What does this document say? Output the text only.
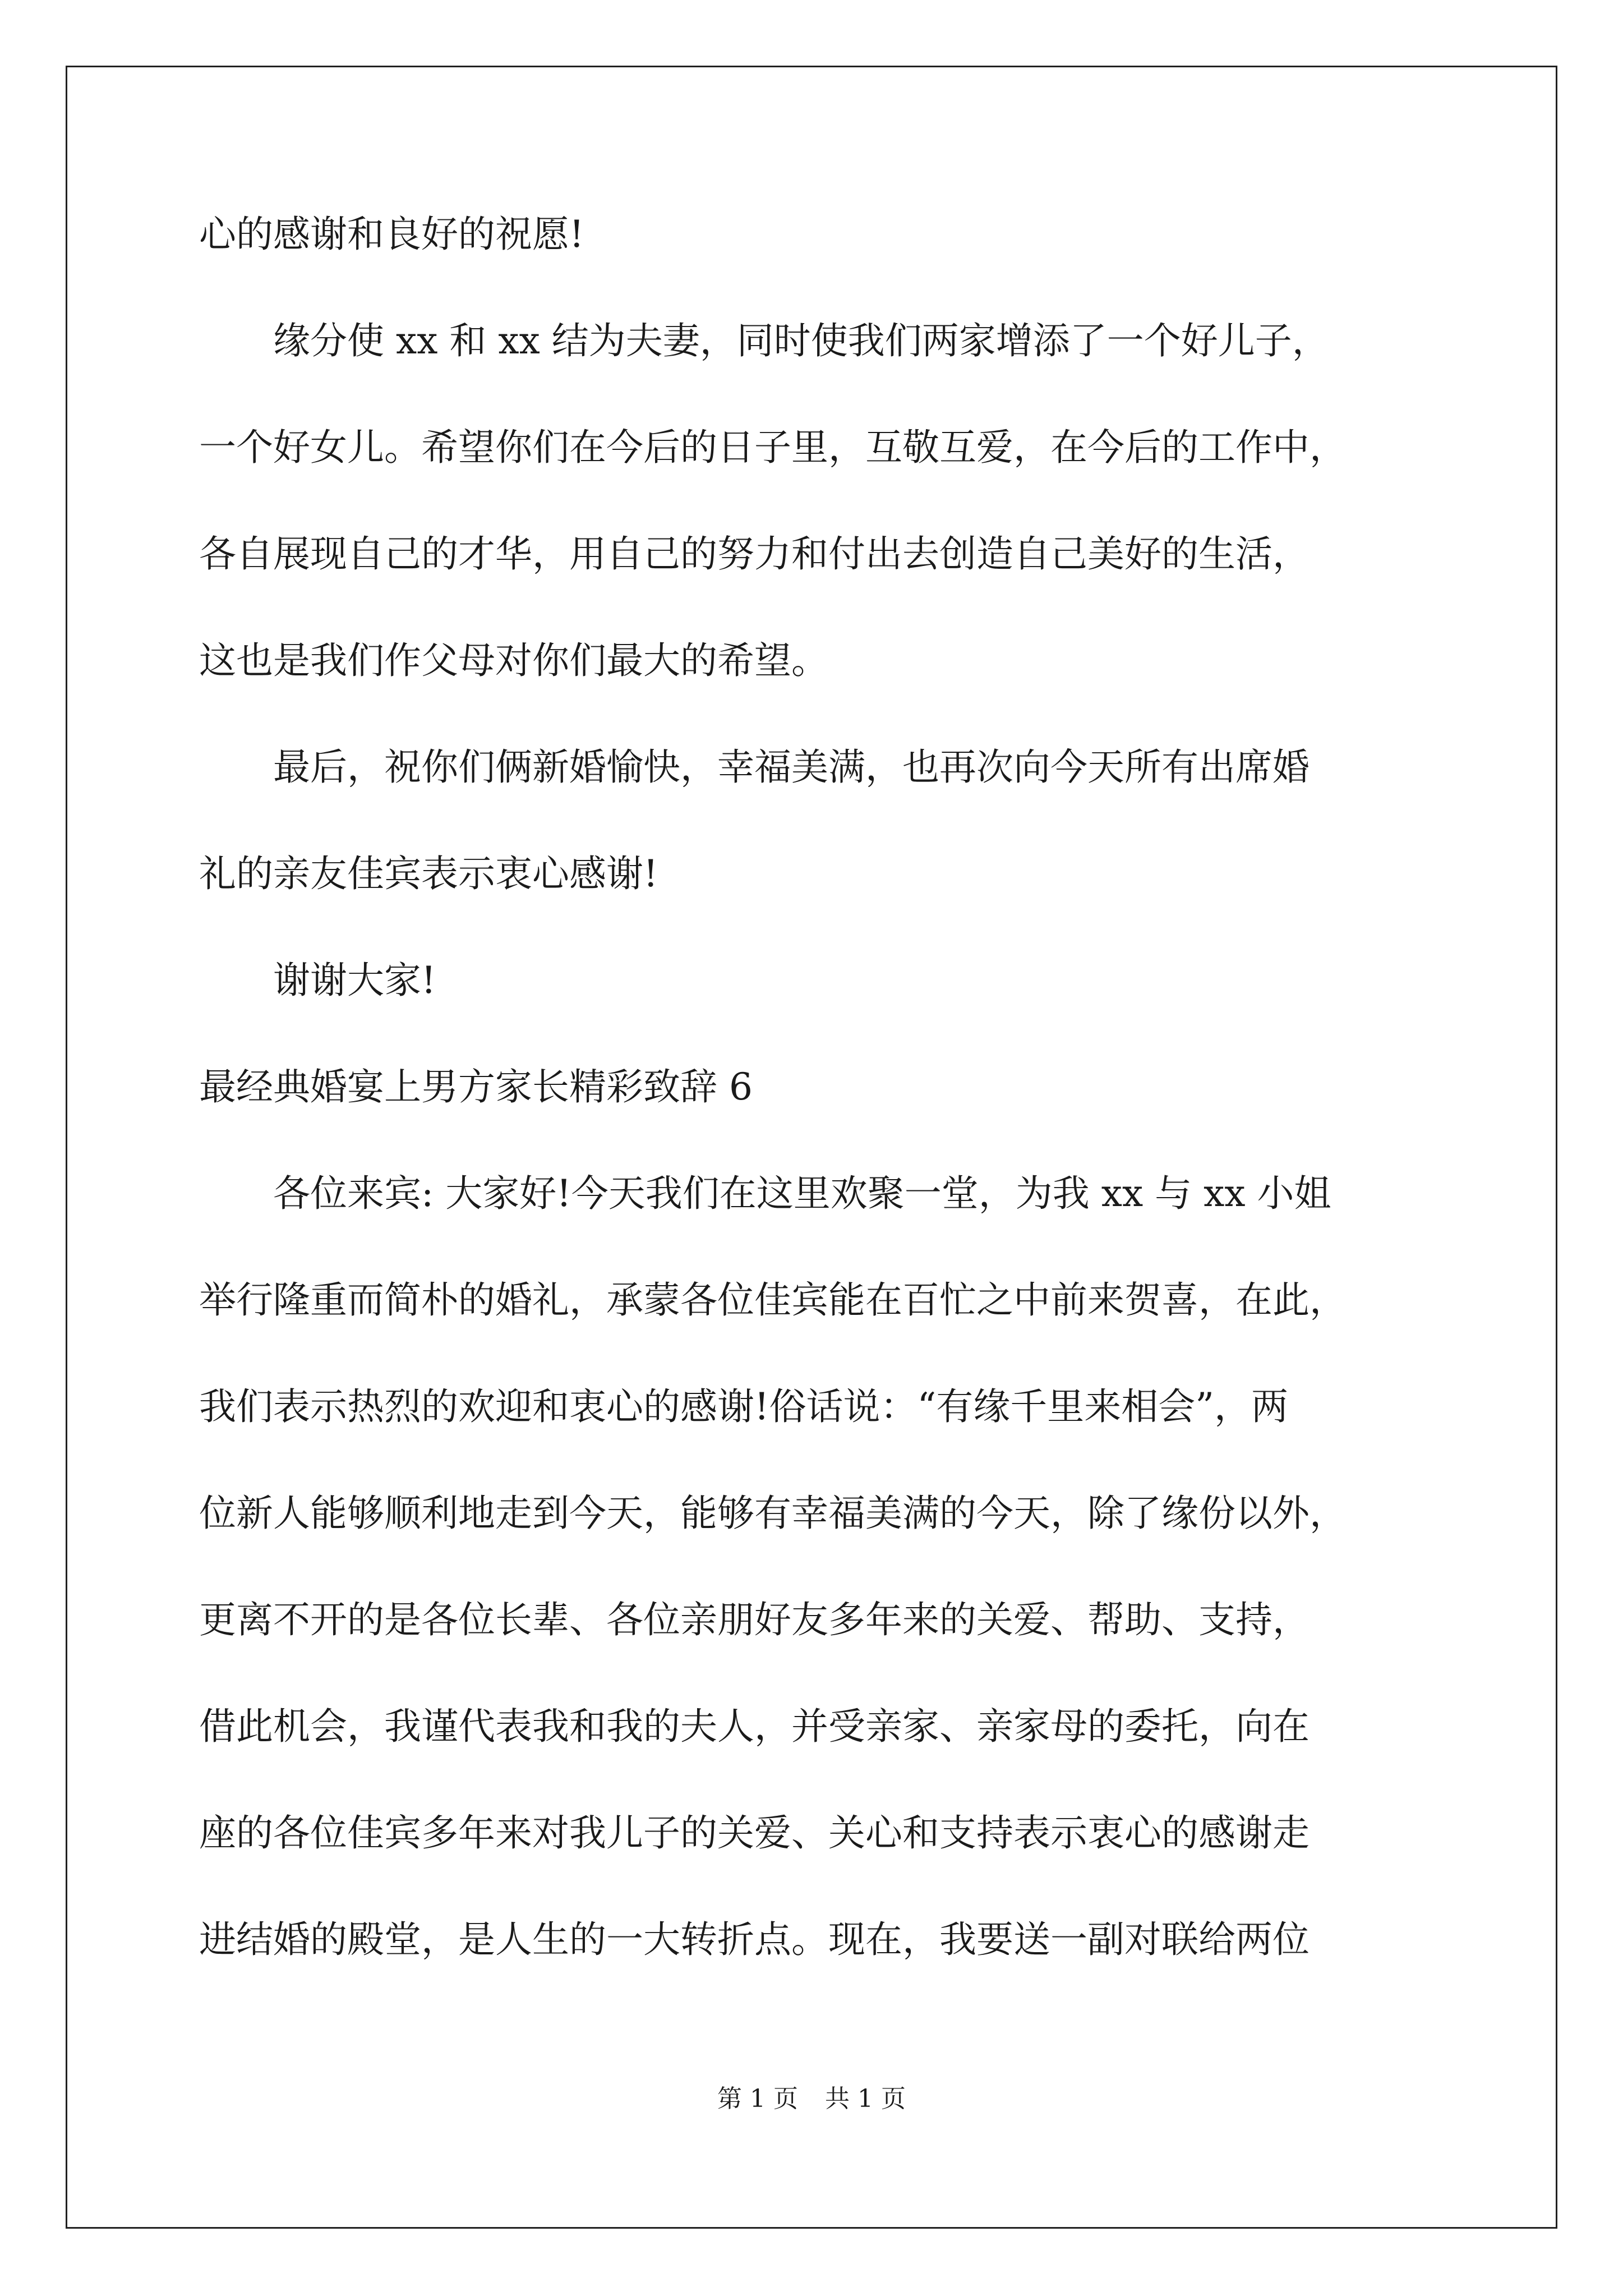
心的感谢和良好的祝愿!
　　缘分使 xx 和 xx 结为夫妻，同时使我们两家增添了一个好儿子，
一个好女儿。希望你们在今后的日子里，互敬互爱，在今后的工作中，
各自展现自己的才华，用自己的努力和付出去创造自己美好的生活，
这也是我们作父母对你们最大的希望。
　　最后，祝你们俩新婚愉快，幸福美满，也再次向今天所有出席婚
礼的亲友佳宾表示衷心感谢!
　　谢谢大家!
最经典婚宴上男方家长精彩致辞 6
　　各位来宾: 大家好!今天我们在这里欢聚一堂，为我 xx 与 xx 小姐
举行隆重而简朴的婚礼，承蒙各位佳宾能在百忙之中前来贺喜，在此，
我们表示热烈的欢迎和衷心的感谢!俗话说：“有缘千里来相会”，两
位新人能够顺利地走到今天，能够有幸福美满的今天，除了缘份以外，
更离不开的是各位长辈、各位亲朋好友多年来的关爱、帮助、支持，
借此机会，我谨代表我和我的夫人，并受亲家、亲家母的委托，向在
座的各位佳宾多年来对我儿子的关爱、关心和支持表示衷心的感谢走
进结婚的殿堂，是人生的一大转折点。现在，我要送一副对联给两位
第 1 页 共 1 页
